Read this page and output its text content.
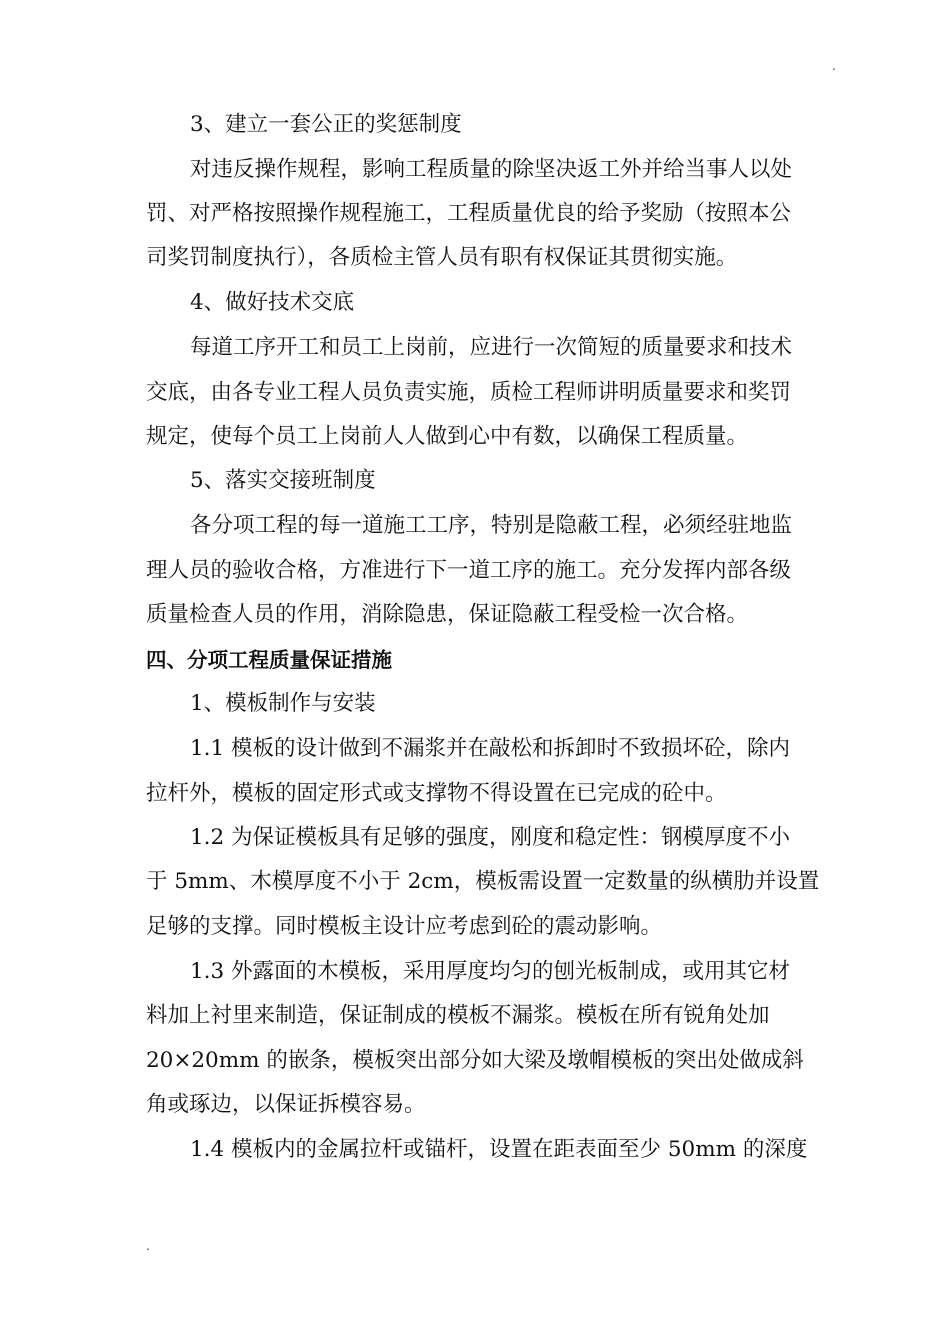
.
3、建立一套公正的奖惩制度
对违反操作规程，影响工程质量的除坚决返工外并给当事人以处
罚、对严格按照操作规程施工，工程质量优良的给予奖励（按照本公
司奖罚制度执行），各质检主管人员有职有权保证其贯彻实施。
4、做好技术交底
每道工序开工和员工上岗前，应进行一次简短的质量要求和技术
交底，由各专业工程人员负责实施，质检工程师讲明质量要求和奖罚
规定，使每个员工上岗前人人做到心中有数，以确保工程质量。
5、落实交接班制度
各分项工程的每一道施工工序，特别是隐蔽工程，必须经驻地监
理人员的验收合格，方准进行下一道工序的施工。充分发挥内部各级
质量检查人员的作用，消除隐患，保证隐蔽工程受检一次合格。
四、分项工程质量保证措施
1、模板制作与安装
1.1 模板的设计做到不漏浆并在敲松和拆卸时不致损坏砼，除内
拉杆外，模板的固定形式或支撑物不得设置在已完成的砼中。
1.2 为保证模板具有足够的强度，刚度和稳定性：钢模厚度不小
于 5mm、木模厚度不小于 2cm，模板需设置一定数量的纵横肋并设置
足够的支撑。同时模板主设计应考虑到砼的震动影响。
1.3 外露面的木模板，采用厚度均匀的刨光板制成，或用其它材
料加上衬里来制造，保证制成的模板不漏浆。模板在所有锐角处加
20×20mm 的嵌条，模板突出部分如大梁及墩帽模板的突出处做成斜
角或琢边，以保证拆模容易。
1.4 模板内的金属拉杆或锚杆，设置在距表面至少 50mm 的深度
.
